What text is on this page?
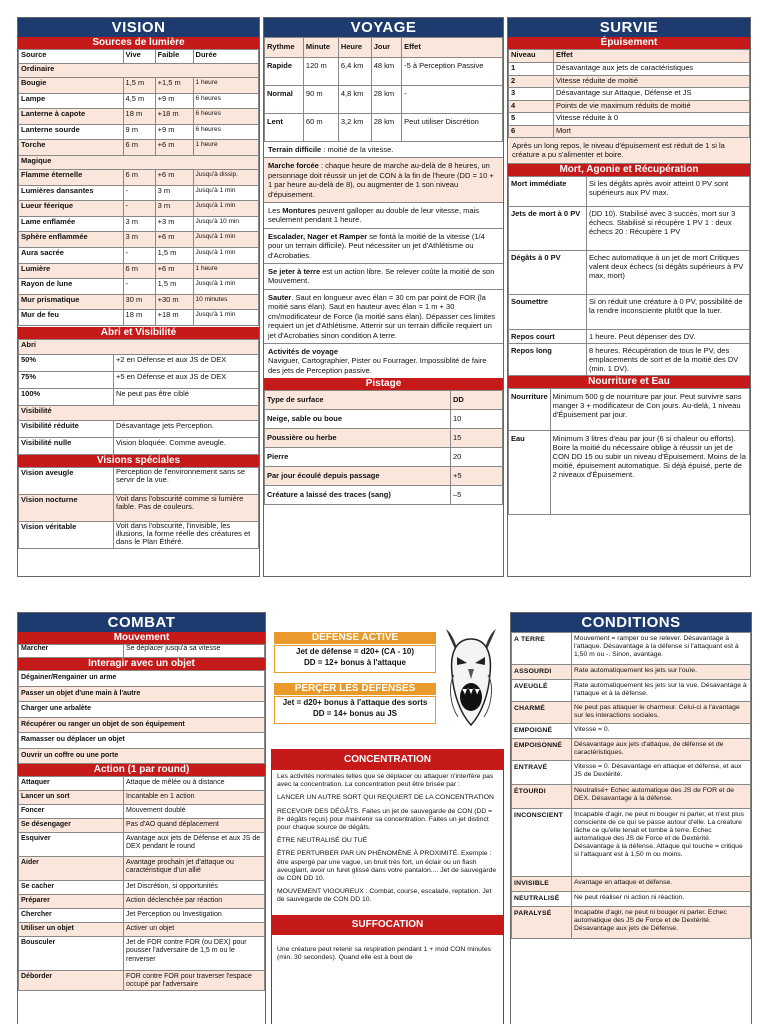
VISION
Sources de lumière
Source	Vive	Faible	Durée
Ordinaire			
Bougie	1,5 m	+1,5 m	1 heure
Lampe	4,5 m	+9 m	6 heures
Lanterne à capote	18 m	+18 m	6 heures
Lanterne sourde	9 m	+9 m	6 heures
Torche	6 m	+6 m	1 heure
Magique			
Flamme éternelle	6 m	+6 m	Jusqu'à dissip.
Lumières dansantes	-	3 m	Jusqu'à 1 min
Lueur féerique	-	3 m	Jusqu'à 1 min
Lame enflamée	3 m	+3 m	Jusqu'à 10 min
Sphère enflammée	3 m	+6 m	Jusqu'à 1 min
Aura sacrée	-	1,5 m	Jusqu'à 1 min
Lumière	6 m	+6 m	1 heure
Rayon de lune	-	1,5 m	Jusqu'à 1 min
Mur prismatique	30 m	+30 m	10 minutes
Mur de feu	18 m	+18 m	Jusqu'à 1 min
Abri et Visibilité
Abri	
50%	+2 en Défense et aux JS de DEX
75%	+5 en Défense et aux JS de DEX
100%	Ne peut pas être ciblé
Visibilité	
Visibilité réduite	Désavantage jets Perception.
Visibilité nulle	Vision bloquée. Comme aveugle.
Visions spéciales
Vision aveugle	Perception de l'environnement sans se servir de la vue.
Vision nocturne	Voit dans l'obscurité comme si lumière faible. Pas de couleurs.
Vision véritable	Voit dans l'obscurité, l'invisible, les illusions, la forme réelle des créatures et dans le Plan Éthéré.
VOYAGE
Rythme	Minute	Heure	Jour	Effet
Rapide	120 m	6,4 km	48 km	-5 à Perception Passive
Normal	90 m	4,8 km	28 km	-
Lent	60 m	3,2 km	28 km	Peut utiliser Discrétion
Terrain difficile : moitié de la vitesse.
Marche forcée : chaque heure de marche au-delà de 8 heures, un personnage doit réussir un jet de CON à la fin de l'heure (DD = 10 + 1 par heure au-delà de 8), ou augmenter de 1 son niveau d'épuisement.
Les Montures peuvent galloper au double de leur vitesse, mais seulement pendant 1 heure.
Escalader, Nager et Ramper se fontà la moitié de la vitesse (1/4 pour un terrain difficile). Peut nécessiter un jet d'Athlétisme ou d'Acrobaties.
Se jeter à terre est un action libre. Se relever coûte la moitié de son Mouvement.
Sauter. Saut en longueur avec élan = 30 cm par point de FOR (la moitié sans élan). Saut en hauteur avec élan = 1 m + 30 cm/modificateur de Force (la moitié sans élan). Dépasser ces limites requiert un jet d'Athlétisme. Atterrir sur un terrain difficile requiert un jet d'Acrobaties sinon condition A terre.
Activités de voyage
Naviguer, Cartographier, Pister ou Fourrager. Impossiblité de faire des jets de Perception passive.
Pistage
Type de surface	DD
Neige, sable ou boue	10
Poussière ou herbe	15
Pierre	20
Par jour écoulé depuis passage	+5
Créature a laissé des traces (sang)	–5
SURVIE
Épuisement
Niveau	Effet
1	Désavantage aux jets de caractéristiques
2	Vitesse réduite de moitié
3	Désavantage sur Attaque, Défense et JS
4	Points de vie maximum réduits de moitié
5	Vitesse réduite à 0
6	Mort
Après un long repos, le niveau d'épuisement est réduit de 1 si la créature a pu s'alimenter et boire.
Mort, Agonie et Récupération
Mort immédiate	Si les dégâts après avoir atteint 0 PV sont supérieurs aux PV max.
Jets de mort à 0 PV	(DD 10). Stabilisé avec 3 succès, mort sur 3 échecs. Stabilisé si récupère 1 PV 1 : deux échecs 20 : Récupère 1 PV
Dégâts à 0 PV	Echec automatique à un jet de mort Critiques valent deux échecs (si dégâts supérieurs à PV max, mort)
Soumettre	Si on réduit une créature à 0 PV, possibilité de la rendre inconsciente plutôt que la tuer.
Repos court	1 heure. Peut dépenser des DV.
Repos long	8 heures. Récupération de tous le PV, des emplacements de sort et de la moitié des DV (min. 1 DV).
Nourriture et Eau
Nourriture	Minimum 500 g de nourriture par jour. Peut survivre sans manger 3 + modificateur de Con jours. Au-delà, 1 niveau d'Épuisement par jour.
Eau	Minimum 3 litres d'eau par jour (6 si chaleur ou efforts). Boire la moitié du nécessaire oblige à réussir un jet de CON DD 15 ou subir un niveau d'Épuisement. Moins de la moitié, épuisement automatique. Si déjà épuisé, perte de 2 niveaux d'Épuisement.
COMBAT
Mouvement
Marcher	Se déplacer jusqu'à sa vitesse
Interagir avec un objet
Dégainer/Rengainer un arme
Passer un objet d'une main à l'autre
Charger une arbalète
Récupérer ou ranger un objet de son équipement
Ramasser ou déplacer un objet
Ouvrir un coffre ou une porte
Action (1 par round)
Attaquer	Attaque de mêlée ou à distance
Lancer un sort	Incantable en 1 action
Foncer	Mouvement doublé
Se désengager	Pas d'AO quand déplacement
Esquiver	Avantage aux jets de Défense et aux JS de DEX pendant le round
Aider	Avantage prochain jet d'attaque ou caractéristique d'un allié
Se cacher	Jet Discrétion, si opportunités
Préparer	Action déclenchée par réaction
Chercher	Jet Perception ou Investigation
Utiliser un objet	Activer un objet
Bousculer	Jet de FOR contre FOR (ou DEX) pour pousser l'adversaire de 1,5 m ou le renverser
Déborder	FOR contre FOR pour traverser l'espace occupé par l'adversaire
DÉFENSE ACTIVE
Jet de défense = d20+ (CA - 10)
DD = 12+ bonus à l'attaque
PERÇER LES DÉFENSES
Jet = d20+ bonus à l'attaque des sorts
DD = 14+ bonus au JS
CONCENTRATION

Les activités normales telles que se déplacer ou attaquer n'interfère pas avec la concentration. La concentration peut être brisée par :

LANCER UN AUTRE SORT QUI REQUIERT DE LA CONCENTRATION

RECEVOIR DES DÉGÂTS. Faites un jet de sauvegarde de CON (DD = 8+ dégâts reçus) pour maintenir sa concentration. Faites un jet distinct pour chaque source de dégâts.

ÊTRE NEUTRALISÉ OU TUÉ

ÊTRE PERTURBER PAR UN PHÉNOMÈNE À PROXIMITÉ. Exemple : être aspergé par une vague, un bruit très fort, un éclair ou un flash aveuglant, avoir un furet glissé dans votre pantalon.... Jet de sauvegarde de CON DD 10.

MOUVEMENT VIGOUREUX : Combat, course, escalade, reptation. Jet de sauvegarde de CON DD 10.

SUFFOCATION
Une créature peut retenir sa respiration pendant 1 + mod CON minutes (min. 30 secondes). Quand elle est à bout de
CONDITIONS
A TERRE	Mouvement = ramper ou se relever. Désavantage à l'attaque. Désavantage à la défense si l'attaquant est à 1,50 m ou -. Sinon, avantage.
ASSOURDI	Rate automatiquement les jets sur l'ouïe.
AVEUGLÉ	Rate automatiquement les jets sur la vue. Désavantage à l'attaque et à la défense.
CHARMÉ	Ne peut pas attaquer le charmeur. Celui-ci a l'avantage sur les interactions sociales.
EMPOIGNÉ	Vitesse = 0.
EMPOISONNÉ	Désavantage aux jets d'attaque, de défense et de caractéristiques.
ENTRAVÉ	Vitesse = 0. Désavantage en attaque et défense, et aux JS de Dextérité.
ÉTOURDI	Neutralisé+ Echec automatique des JS de FOR et de DEX. Désavantage à la défense.
INCONSCIENT	Incapable d'agir, ne peut ni bouger ni parler, et n'est plus consciente de ce qui se passe autour d'elle. La créature lâche ce qu'elle tenait et tombe à terre. Echec automatique des JS de Force et de Dextérité. Désavantage à la défense. Attaque qui touche = critique si l'attaquant est à 1,50 m ou moins.
INVISIBLE	Avantage en attaque et défense.
NEUTRALISÉ	Ne peut réaliser ni action ni réaction.
PARALYSÉ	Incapable d'agir, ne peut ni bouger ni parler. Echec automatique des JS de Force et de Dextérité. Désavantage aux jets de Défense.
